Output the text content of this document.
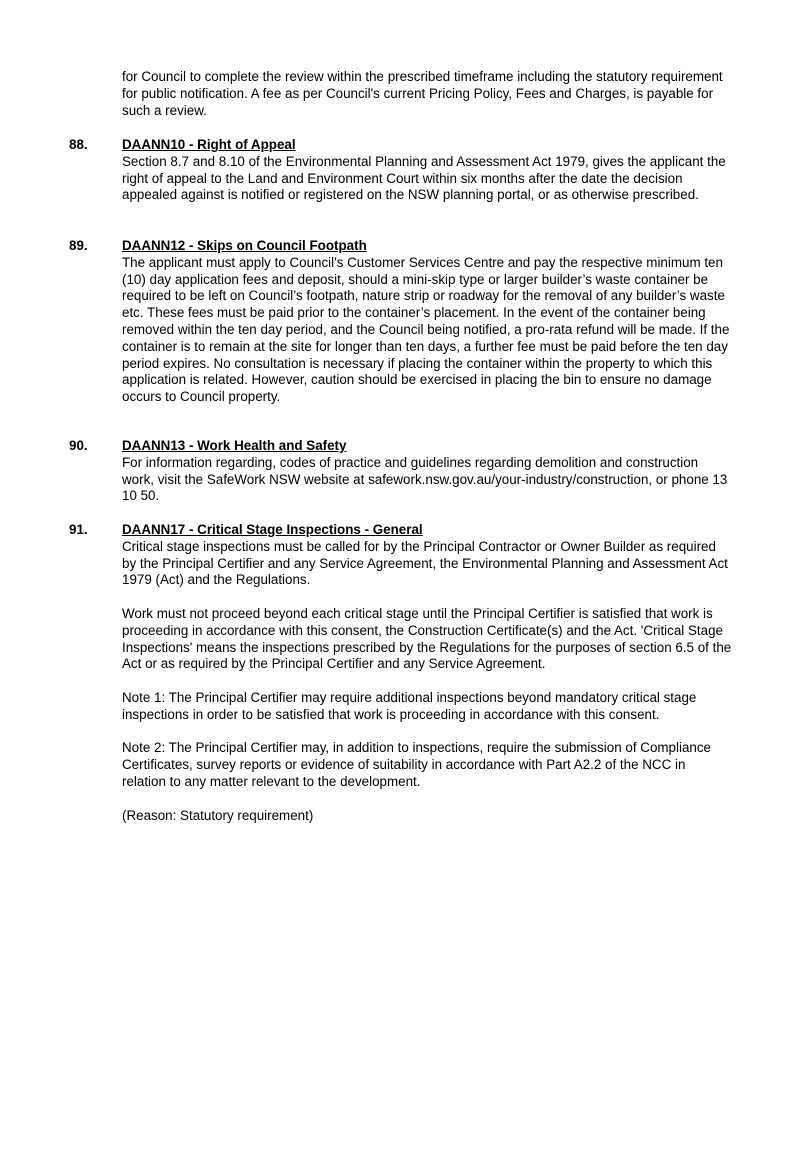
for Council to complete the review within the prescribed timeframe including the statutory requirement for public notification. A fee as per Council's current Pricing Policy, Fees and Charges, is payable for such a review.

88.	DAANN10 - Right of Appeal

Section 8.7 and 8.10 of the Environmental Planning and Assessment Act 1979, gives the applicant the right of appeal to the Land and Environment Court within six months after the date the decision appealed against is notified or registered on the NSW planning portal, or as otherwise prescribed.

89.	DAANN12 - Skips on Council Footpath

The applicant must apply to Council's Customer Services Centre and pay the respective minimum ten (10) day application fees and deposit, should a mini-skip type or larger builder’s waste container be required to be left on Council’s footpath, nature strip or roadway for the removal of any builder’s waste etc. These fees must be paid prior to the container’s placement. In the event of the container being removed within the ten day period, and the Council being notified, a pro-rata refund will be made. If the container is to remain at the site for longer than ten days, a further fee must be paid before the ten day period expires. No consultation is necessary if placing the container within the property to which this application is related. However, caution should be exercised in placing the bin to ensure no damage occurs to Council property.

90.	DAANN13 - Work Health and Safety

For information regarding, codes of practice and guidelines regarding demolition and construction work, visit the SafeWork NSW website at safework.nsw.gov.au/your-industry/construction, or phone 13 10 50.

91.	DAANN17 - Critical Stage Inspections - General

Critical stage inspections must be called for by the Principal Contractor or Owner Builder as required by the Principal Certifier and any Service Agreement, the Environmental Planning and Assessment Act 1979 (Act) and the Regulations.

Work must not proceed beyond each critical stage until the Principal Certifier is satisfied that work is proceeding in accordance with this consent, the Construction Certificate(s) and the Act. 'Critical Stage Inspections' means the inspections prescribed by the Regulations for the purposes of section 6.5 of the Act or as required by the Principal Certifier and any Service Agreement.

Note 1: The Principal Certifier may require additional inspections beyond mandatory critical stage inspections in order to be satisfied that work is proceeding in accordance with this consent.

Note 2: The Principal Certifier may, in addition to inspections, require the submission of Compliance Certificates, survey reports or evidence of suitability in accordance with Part A2.2 of the NCC in relation to any matter relevant to the development.

(Reason: Statutory requirement)
